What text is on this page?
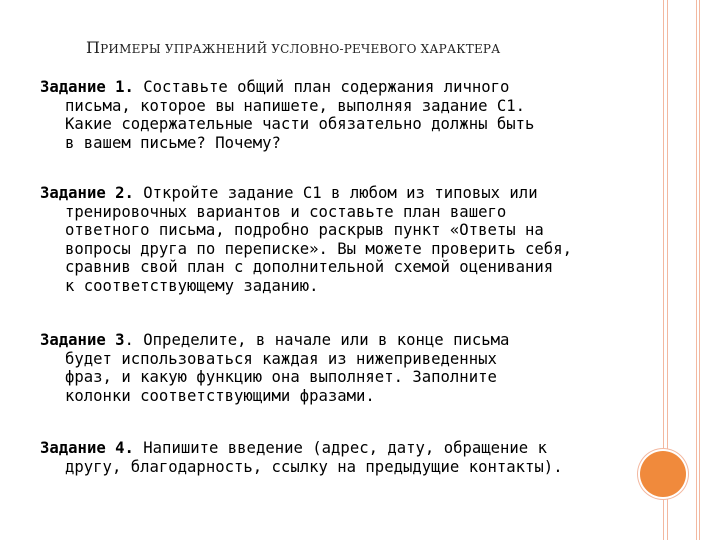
ПРИМЕРЫ УПРАЖНЕНИЙ УСЛОВНО-РЕЧЕВОГО ХАРАКТЕРА
Задание 1. Составьте общий план содержания личного
письма, которое вы напишете, выполняя задание С1.
Какие содержательные части обязательно должны быть
в вашем письме? Почему?
Задание 2. Откройте задание С1 в любом из типовых или
тренировочных вариантов и составьте план вашего
ответного письма, подробно раскрыв пункт «Ответы на
вопросы друга по переписке». Вы можете проверить себя,
сравнив свой план с дополнительной схемой оценивания
к соответствующему заданию.
Задание 3. Определите, в начале или в конце письма
будет использоваться каждая из нижеприведенных
фраз, и какую функцию она выполняет. Заполните
колонки соответствующими фразами.
Задание 4. Напишите введение (адрес, дату, обращение к
другу, благодарность, ссылку на предыдущие контакты).
